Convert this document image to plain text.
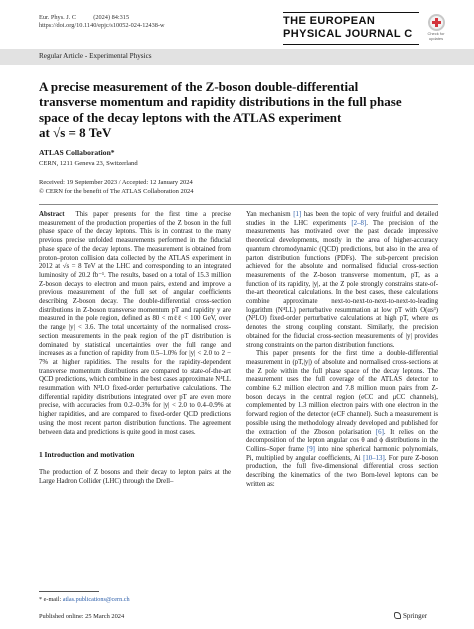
Eur. Phys. J. C	(2024) 84:315
https://doi.org/10.1140/epjc/s10052-024-12438-w	THE EUROPEAN
PHYSICAL JOURNAL C	Check for updates
Regular Article - Experimental Physics
A precise measurement of the Z-boson double-differential
transverse momentum and rapidity distributions in the full phase
space of the decay leptons with the ATLAS experiment
at √s = 8 TeV
ATLAS Collaboration*
CERN, 1211 Geneva 23, Switzerland
Received: 19 September 2023 / Accepted: 12 January 2024
© CERN for the benefit of The ATLAS Collaboration 2024

Abstract This paper presents for the first time a precise measurement of the production properties of the Z boson in the full phase space of the decay leptons. This is in contrast to the many previous precise unfolded measurements performed in the fiducial phase space of the decay leptons. The measurement is obtained from proton–proton collision data collected by the ATLAS experiment in 2012 at √s = 8 TeV at the LHC and corresponding to an integrated luminosity of 20.2 fb⁻¹. The results, based on a total of 15.3 million Z-boson decays to electron and muon pairs, extend and improve a previous measurement of the full set of angular coefficients describing Z-boson decay. The double-differential cross-section distributions in Z-boson transverse momentum pT and rapidity y are measured in the pole region, defined as 80 < mℓℓ < 100 GeV, over the range |y| < 3.6. The total uncertainty of the normalised cross-section measurements in the peak region of the pT distribution is dominated by statistical uncertainties over the full range and increases as a function of rapidity from 0.5–1.0% for |y| < 2.0 to 2 − 7% at higher rapidities. The results for the rapidity-dependent transverse momentum distributions are compared to state-of-the-art QCD predictions, which combine in the best cases approximate N⁴LL resummation with N³LO fixed-order perturbative calculations. The differential rapidity distributions integrated over pT are even more precise, with accuracies from 0.2–0.3% for |y| < 2.0 to 0.4–0.9% at higher rapidities, and are compared to fixed-order QCD predictions using the most recent parton distribution functions. The agreement between data and predictions is quite good in most cases.

1 Introduction and motivation

The production of Z bosons and their decay to lepton pairs at the Large Hadron Collider (LHC) through the Drell–

Yan mechanism [1] has been the topic of very fruitful and detailed studies in the LHC experiments [2–8]. The precision of the measurements has motivated over the past decade impressive theoretical developments, mostly in the area of higher-accuracy quantum chromodynamic (QCD) predictions, but also in the area of parton distribution functions (PDFs). The sub-percent precision achieved for the absolute and normalised fiducial cross-section measurements of the Z-boson transverse momentum, pT, as a function of its rapidity, |y|, at the Z pole strongly constrains state-of-the-art theoretical calculations. In the best cases, these calculations combine approximate next-to-next-to-next-to-next-to-leading logarithm (N⁴LL) perturbative resummation at low pT with O(αs³) (N³LO) fixed-order perturbative calculations at high pT, where αs denotes the strong coupling constant. Similarly, the precision obtained for the fiducial cross-section measurements of |y| provides strong constraints on the parton distribution functions.

This paper presents for the first time a double-differential measurement in (pT,|y|) of absolute and normalised cross-sections at the Z pole within the full phase space of the decay leptons. The measurement uses the full coverage of the ATLAS detector to combine 6.2 million electron and 7.8 million muon pairs from Z-boson decays in the central region (eCC and μCC channels), complemented by 1.3 million electron pairs with one electron in the forward region of the detector (eCF channel). Such a measurement is possible using the methodology already developed and published for the extraction of the Zboson polarisation [6]. It relies on the decomposition of the lepton angular cos θ and ϕ distributions in the Collins–Soper frame [9] into nine spherical harmonic polynomials, Pi, multiplied by angular coefficients, Ai [10–13]. For pure Z-boson production, the full five-dimensional differential cross section describing the kinematics of the two Born-level leptons can be written as:

* e-mail: atlas.publications@cern.ch
Published online: 25 March 2024	Springer
